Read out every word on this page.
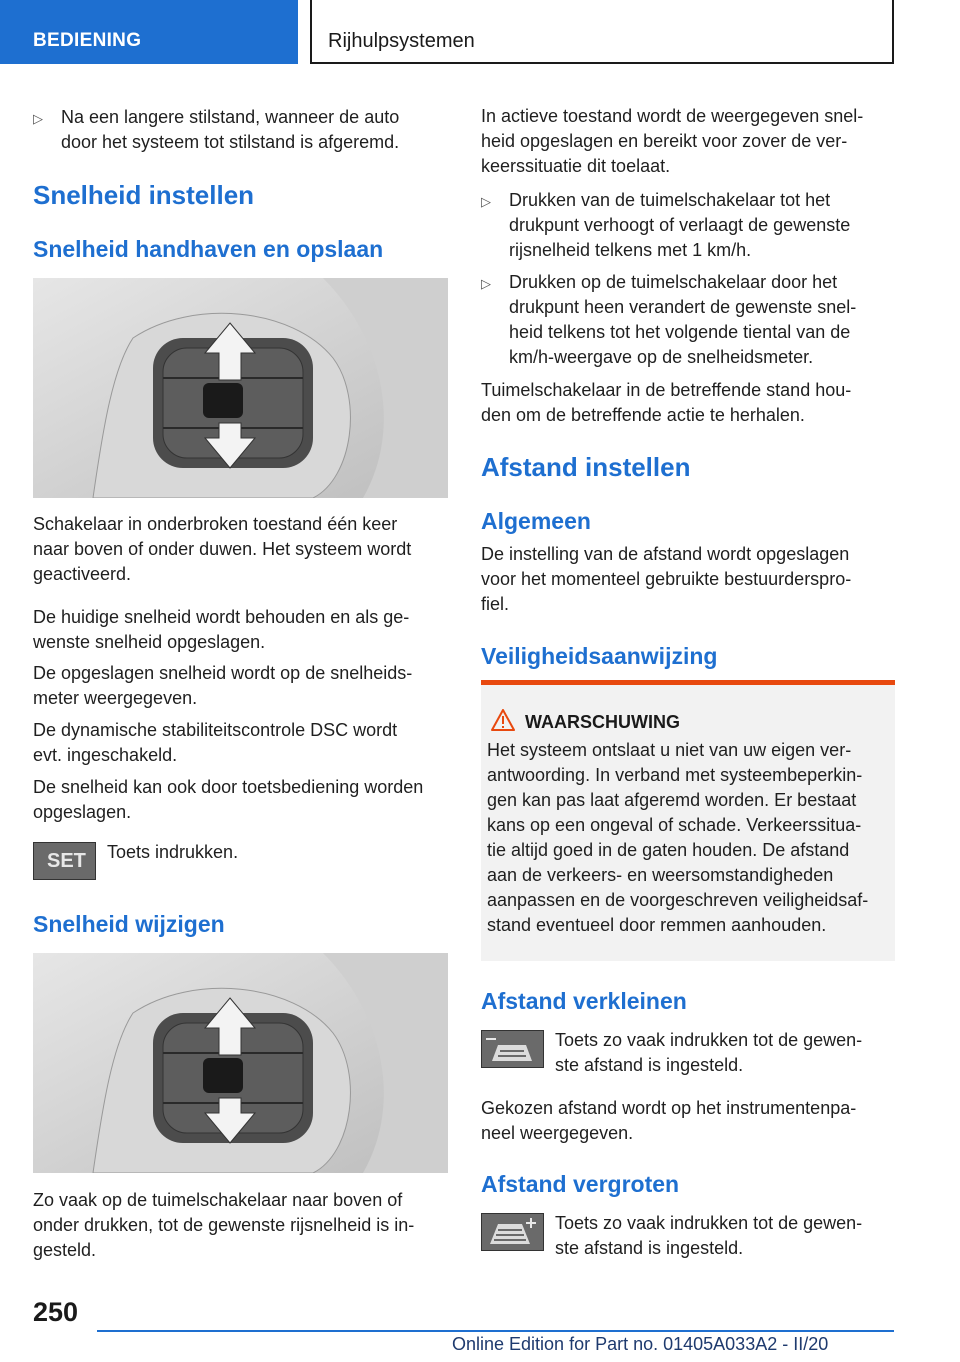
BEDIENING	Rijhulpsystemen
▷ Na een langere stilstand, wanneer de auto
door het systeem tot stilstand is afgeremd.
Snelheid instellen
Snelheid handhaven en opslaan

Schakelaar in onderbroken toestand één keer

naar boven of onder duwen. Het systeem wordt

geactiveerd.

De huidige snelheid wordt behouden en als ge-

wenste snelheid opgeslagen.

De opgeslagen snelheid wordt op de snelheids-

meter weergegeven.

De dynamische stabiliteitscontrole DSC wordt

evt. ingeschakeld.

De snelheid kan ook door toetsbediening worden

opgeslagen.

SET Toets indrukken.

Snelheid wijzigen

Zo vaak op de tuimelschakelaar naar boven of

onder drukken, tot de gewenste rijsnelheid is in-

gesteld.

In actieve toestand wordt de weergegeven snel-

heid opgeslagen en bereikt voor zover de ver-

keerssituatie dit toelaat.

▷ Drukken van de tuimelschakelaar tot het
drukpunt verhoogt of verlaagt de gewenste
rijsnelheid telkens met 1 km/h.
▷ Drukken op de tuimelschakelaar door het
drukpunt heen verandert de gewenste snel-
heid telkens tot het volgende tiental van de
km/h-weergave op de snelheidsmeter.

Tuimelschakelaar in de betreffende stand hou-

den om de betreffende actie te herhalen.

Afstand instellen
Algemeen

De instelling van de afstand wordt opgeslagen

voor het momenteel gebruikte bestuurderspro-

fiel.

Veiligheidsaanwijzing
WAARSCHUWING

Het systeem ontslaat u niet van uw eigen ver-

antwoording. In verband met systeembeperkin-

gen kan pas laat afgeremd worden. Er bestaat

kans op een ongeval of schade. Verkeerssitua-

tie altijd goed in de gaten houden. De afstand

aan de verkeers- en weersomstandigheden

aanpassen en de voorgeschreven veiligheidsaf-

stand eventueel door remmen aanhouden.

Afstand verkleinen

Toets zo vaak indrukken tot de gewen-

ste afstand is ingesteld.

Gekozen afstand wordt op het instrumentenpa-

neel weergegeven.

Afstand vergroten

Toets zo vaak indrukken tot de gewen-

ste afstand is ingesteld.

250
Online Edition for Part no. 01405A033A2 - II/20
